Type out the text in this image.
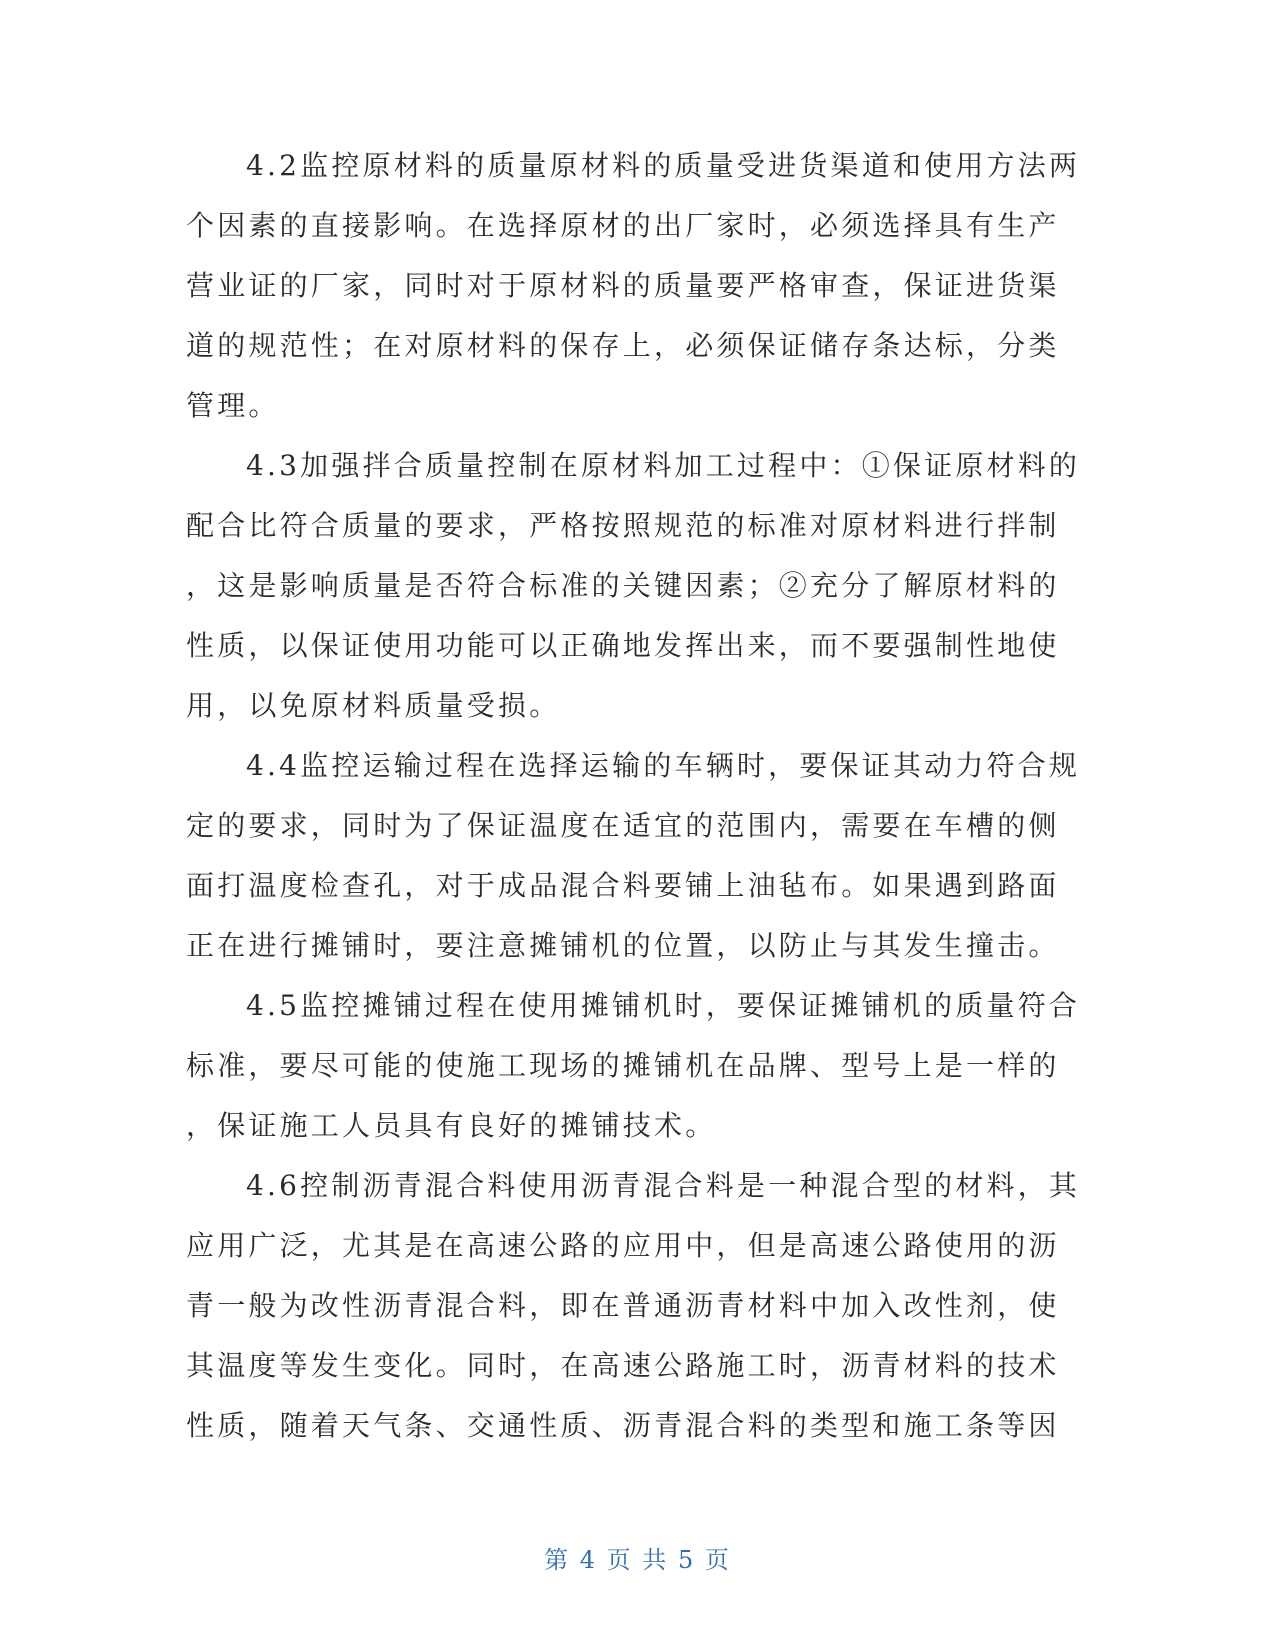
4.2监控原材料的质量原材料的质量受进货渠道和使用方法两
个因素的直接影响。在选择原材的出厂家时，必须选择具有生产
营业证的厂家，同时对于原材料的质量要严格审查，保证进货渠
道的规范性；在对原材料的保存上，必须保证储存条达标，分类
管理。
4.3加强拌合质量控制在原材料加工过程中：①保证原材料的
配合比符合质量的要求，严格按照规范的标准对原材料进行拌制
，这是影响质量是否符合标准的关键因素；②充分了解原材料的
性质，以保证使用功能可以正确地发挥出来，而不要强制性地使
用，以免原材料质量受损。
4.4监控运输过程在选择运输的车辆时，要保证其动力符合规
定的要求，同时为了保证温度在适宜的范围内，需要在车槽的侧
面打温度检查孔，对于成品混合料要铺上油毡布。如果遇到路面
正在进行摊铺时，要注意摊铺机的位置，以防止与其发生撞击。
4.5监控摊铺过程在使用摊铺机时，要保证摊铺机的质量符合
标准，要尽可能的使施工现场的摊铺机在品牌、型号上是一样的
，保证施工人员具有良好的摊铺技术。
4.6控制沥青混合料使用沥青混合料是一种混合型的材料，其
应用广泛，尤其是在高速公路的应用中，但是高速公路使用的沥
青一般为改性沥青混合料，即在普通沥青材料中加入改性剂，使
其温度等发生变化。同时，在高速公路施工时，沥青材料的技术
性质，随着天气条、交通性质、沥青混合料的类型和施工条等因
第 4 页 共 5 页
